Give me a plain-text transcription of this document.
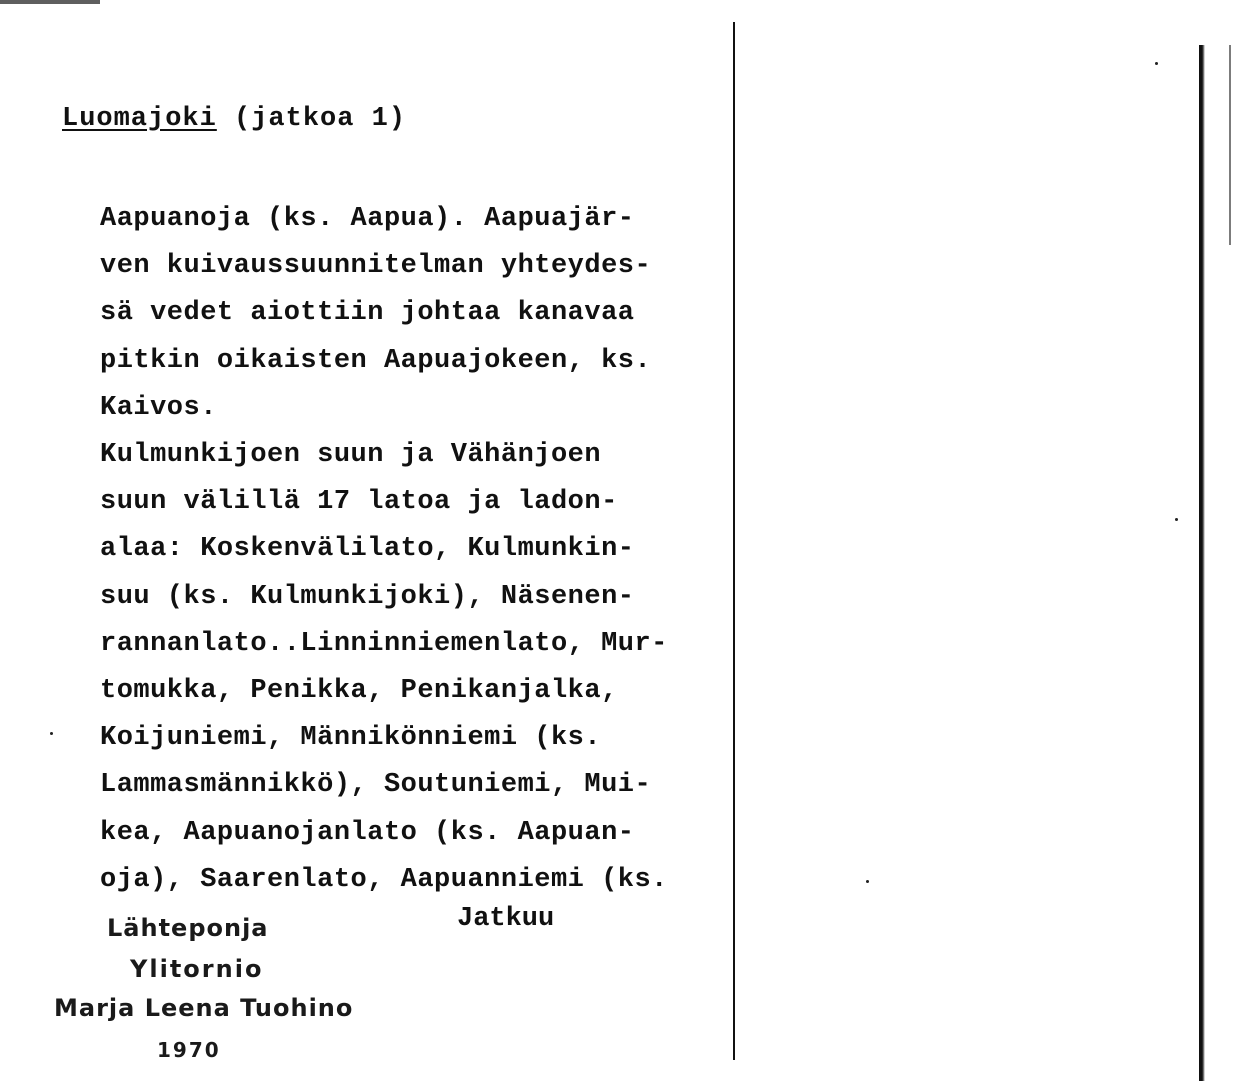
Luomajoki (jatkoa 1)
Aapuanoja (ks. Aapua). Aapuajär-
ven kuivaussuunnitelman yhteydes-
sä vedet aiottiin johtaa kanavaa
pitkin oikaisten Aapuajokeen, ks.
Kaivos.
Kulmunkijoen suun ja Vähänjoen
suun välillä 17 latoa ja ladon-
alaa: Koskenvälilato, Kulmunkin-
suu (ks. Kulmunkijoki), Näsenen-
rannanlato..Linninniemenlato, Mur-
tomukka, Penikka, Penikanjalka,
Koijuniemi, Männikönniemi (ks.
Lammasmännikkö), Soutuniemi, Mui-
kea, Aapuanojanlato (ks. Aapuan-
oja), Saarenlato, Aapuanniemi (ks.
Jatkuu
Lähteponja
Ylitornio
Marja Leena Tuohino
1970
